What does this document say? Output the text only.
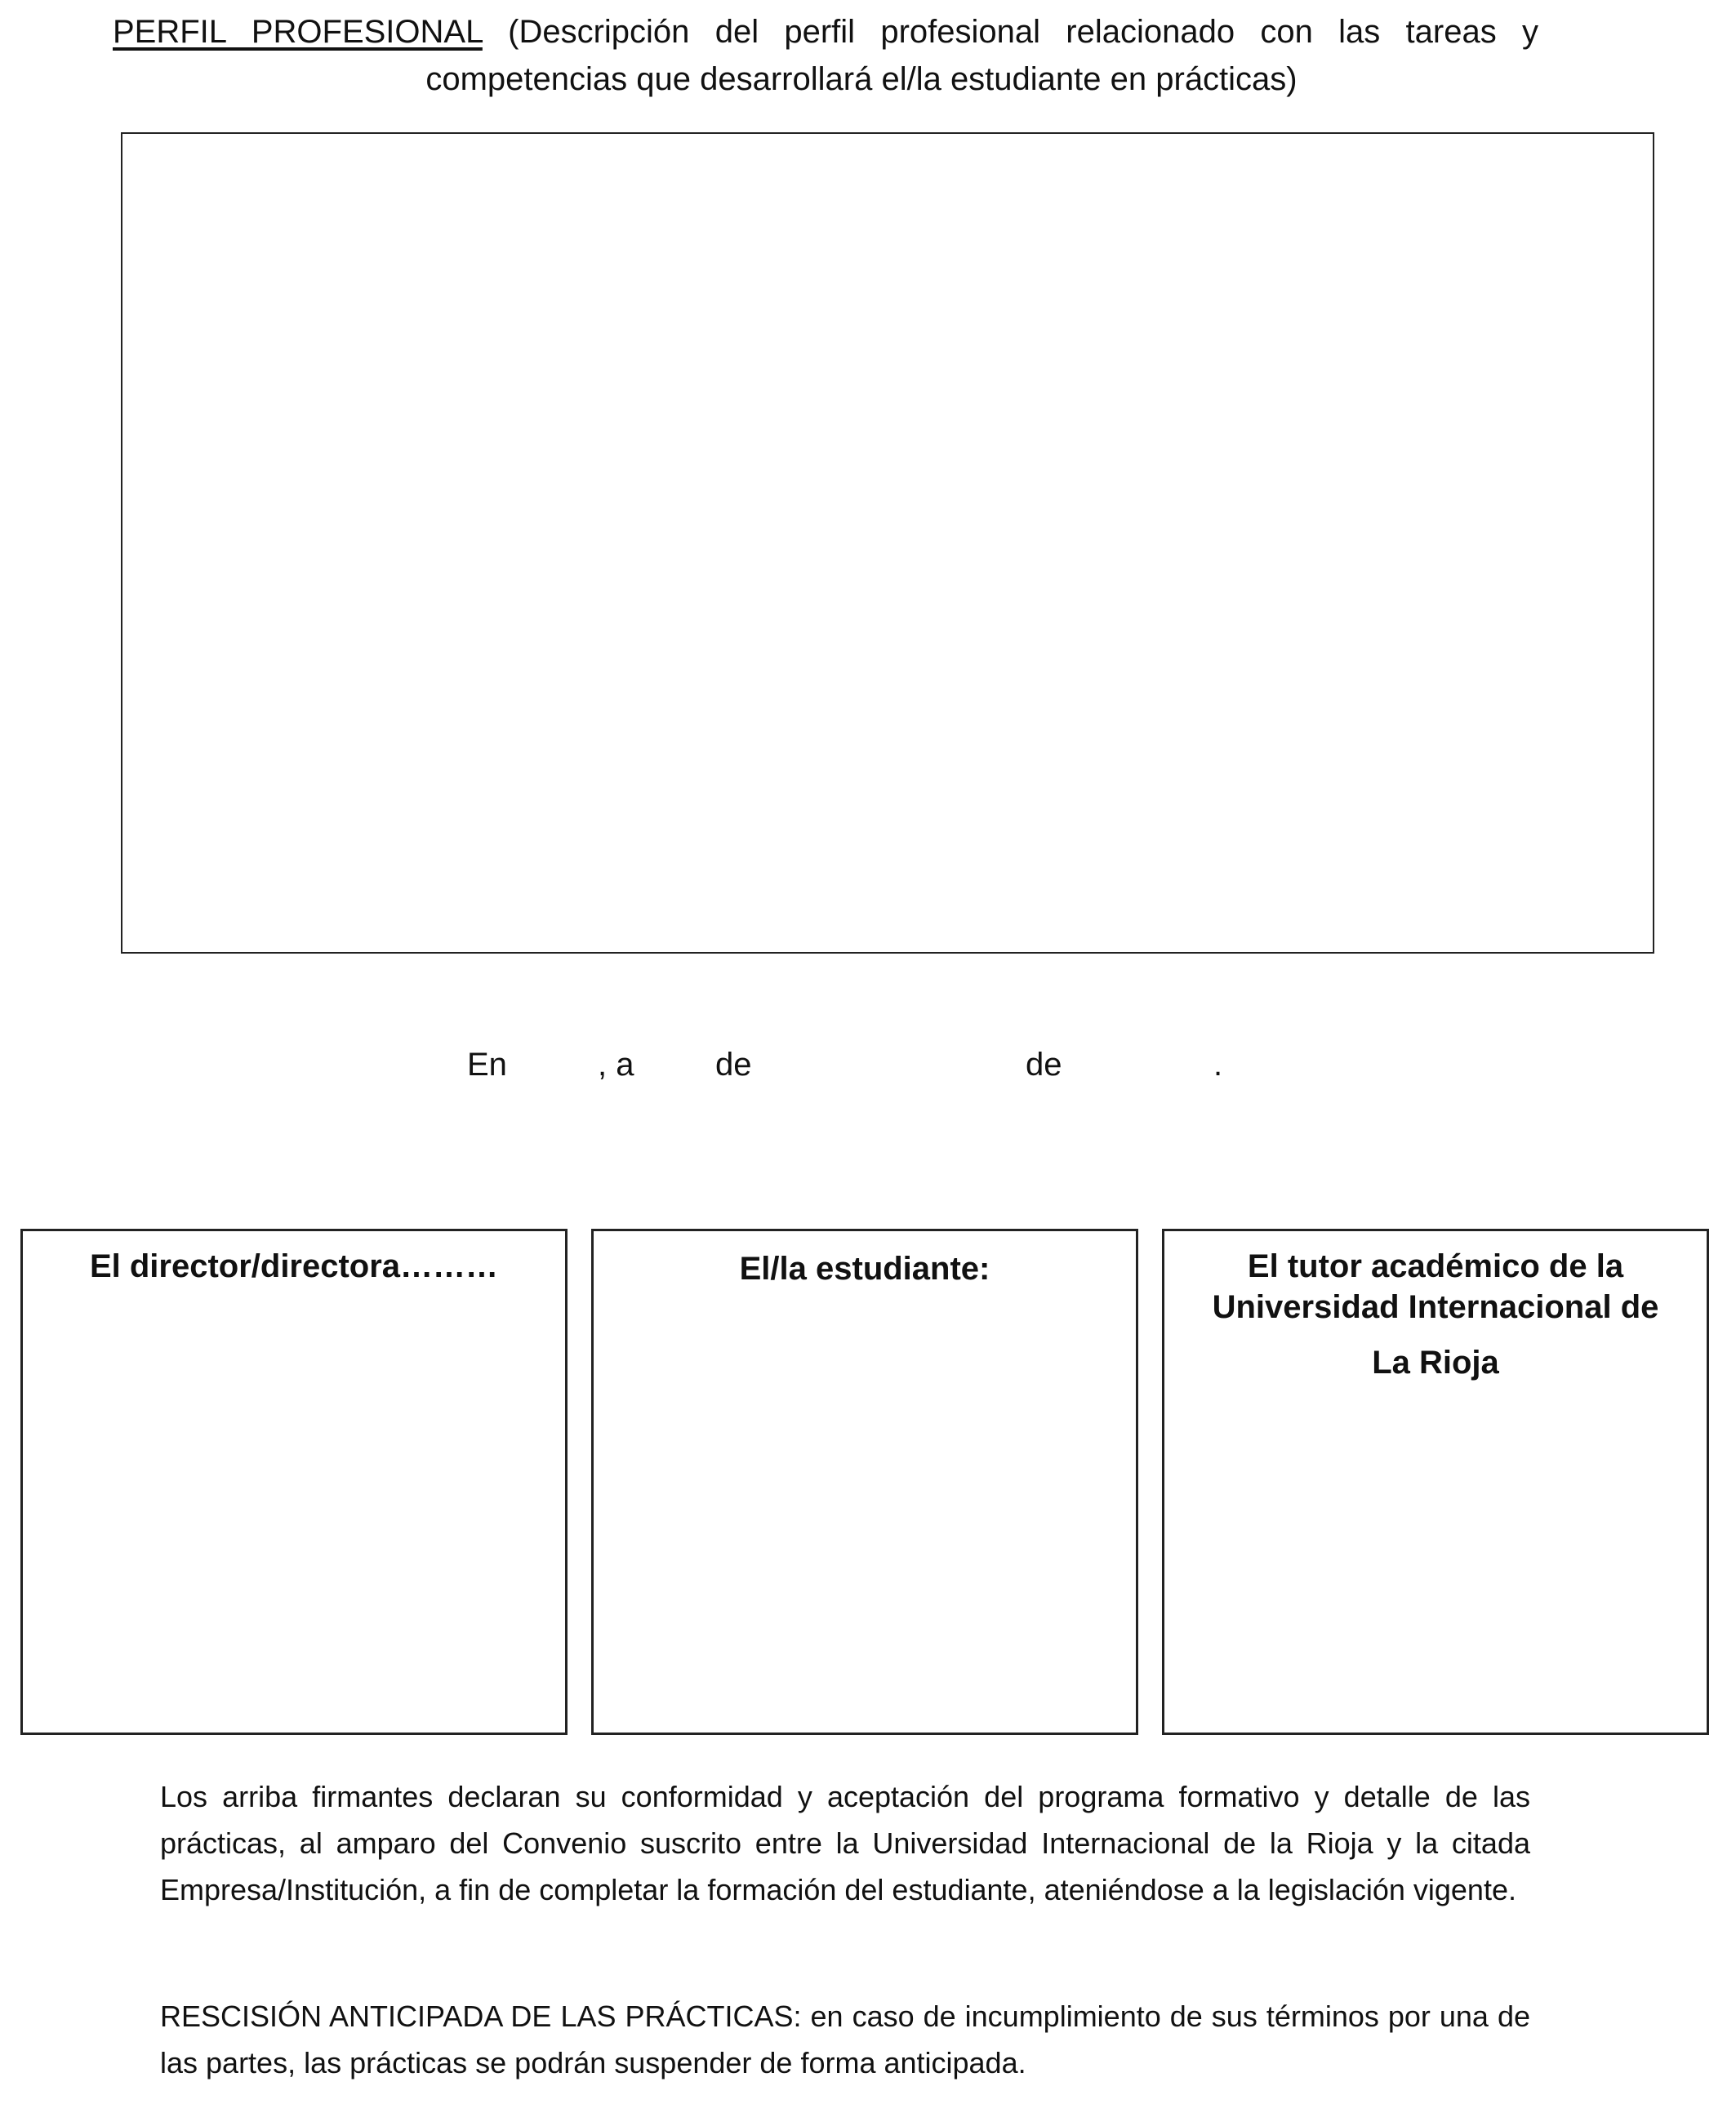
PERFIL PROFESIONAL (Descripción del perfil profesional relacionado con las tareas y
competencias que desarrollará el/la estudiante en prácticas)
En	, a de	de	.
El director/directora………	El/la estudiante:	El tutor académico de la
Universidad Internacional de
La Rioja
Los arriba firmantes declaran su conformidad y aceptación del programa formativo y detalle de las prácticas, al amparo del Convenio suscrito entre la Universidad Internacional de la Rioja y la citada Empresa/Institución, a fin de completar la formación del estudiante, ateniéndose a la legislación vigente.
RESCISIÓN ANTICIPADA DE LAS PRÁCTICAS: en caso de incumplimiento de sus términos por una de las partes, las prácticas se podrán suspender de forma anticipada.
